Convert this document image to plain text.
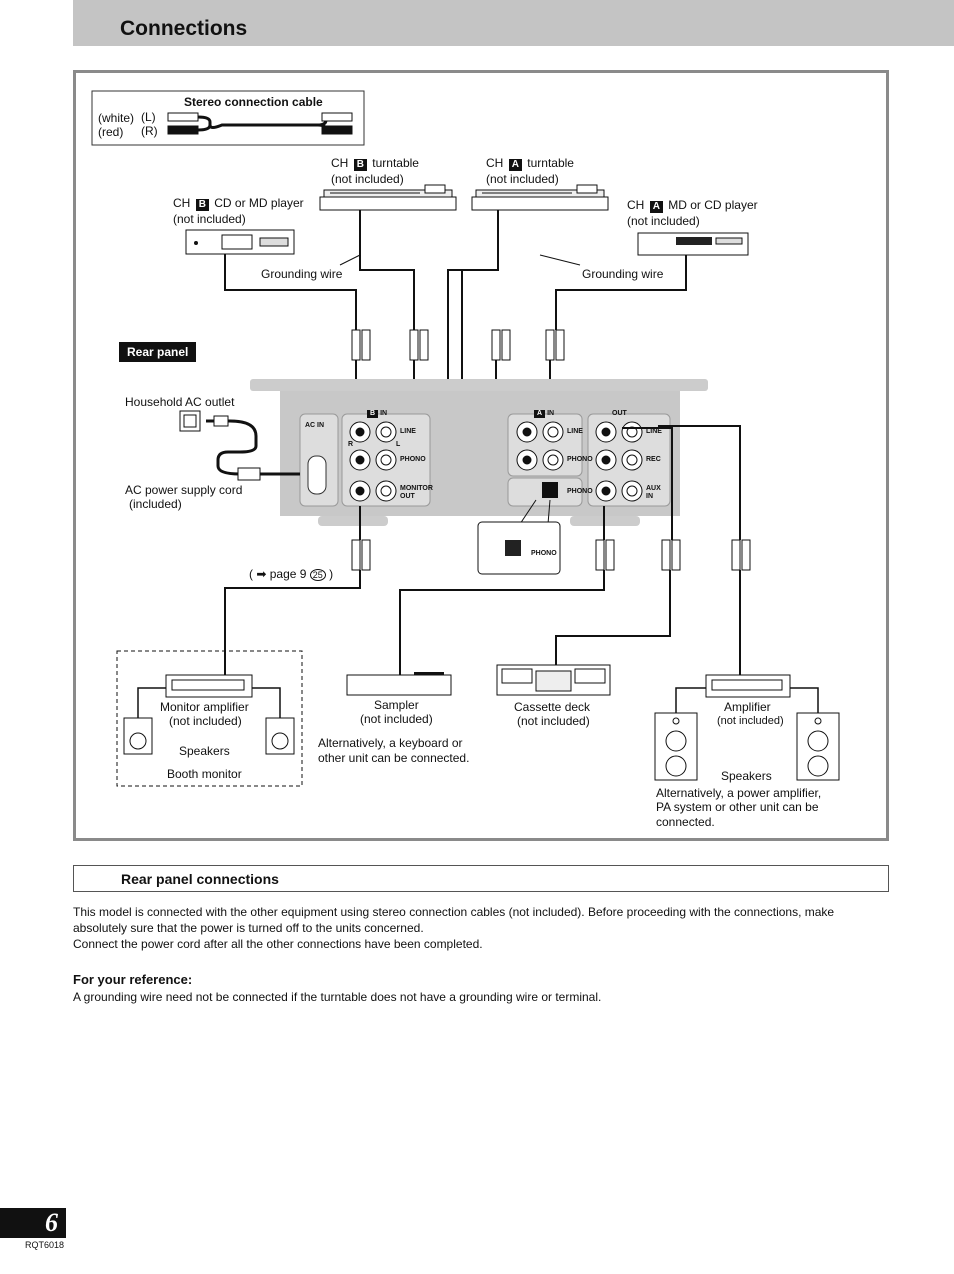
Connections
Stereo connection cable
(white)
(red)
(L)
(R)
CH B turntable
(not included)
CH A turntable
(not included)
CH B CD or MD player
(not included)
CH A MD or CD player
(not included)
Grounding wire	Grounding wire
Rear panel
Household AC outlet
AC power supply cord
(included)
AC IN
B IN
LINE
PHONO
MONITOR
OUT
R	L
A IN
LINE
PHONO
PHONO
OUT
LINE
REC
AUX
IN
PHONO
( ➡ page 9 25 )
Monitor amplifier
(not included)
Speakers
Booth monitor
Sampler
(not included)
Alternatively, a keyboard or
other unit can be connected.
Cassette deck
(not included)
Amplifier
(not included)
Speakers
Alternatively, a power amplifier,
PA system or other unit can be
connected.
Rear panel connections
This model is connected with the other equipment using stereo connection cables (not included). Before proceeding with the connections, make
absolutely sure that the power is turned off to the units concerned.
Connect the power cord after all the other connections have been completed.
For your reference:
A grounding wire need not be connected if the turntable does not have a grounding wire or terminal.
6
RQT6018
